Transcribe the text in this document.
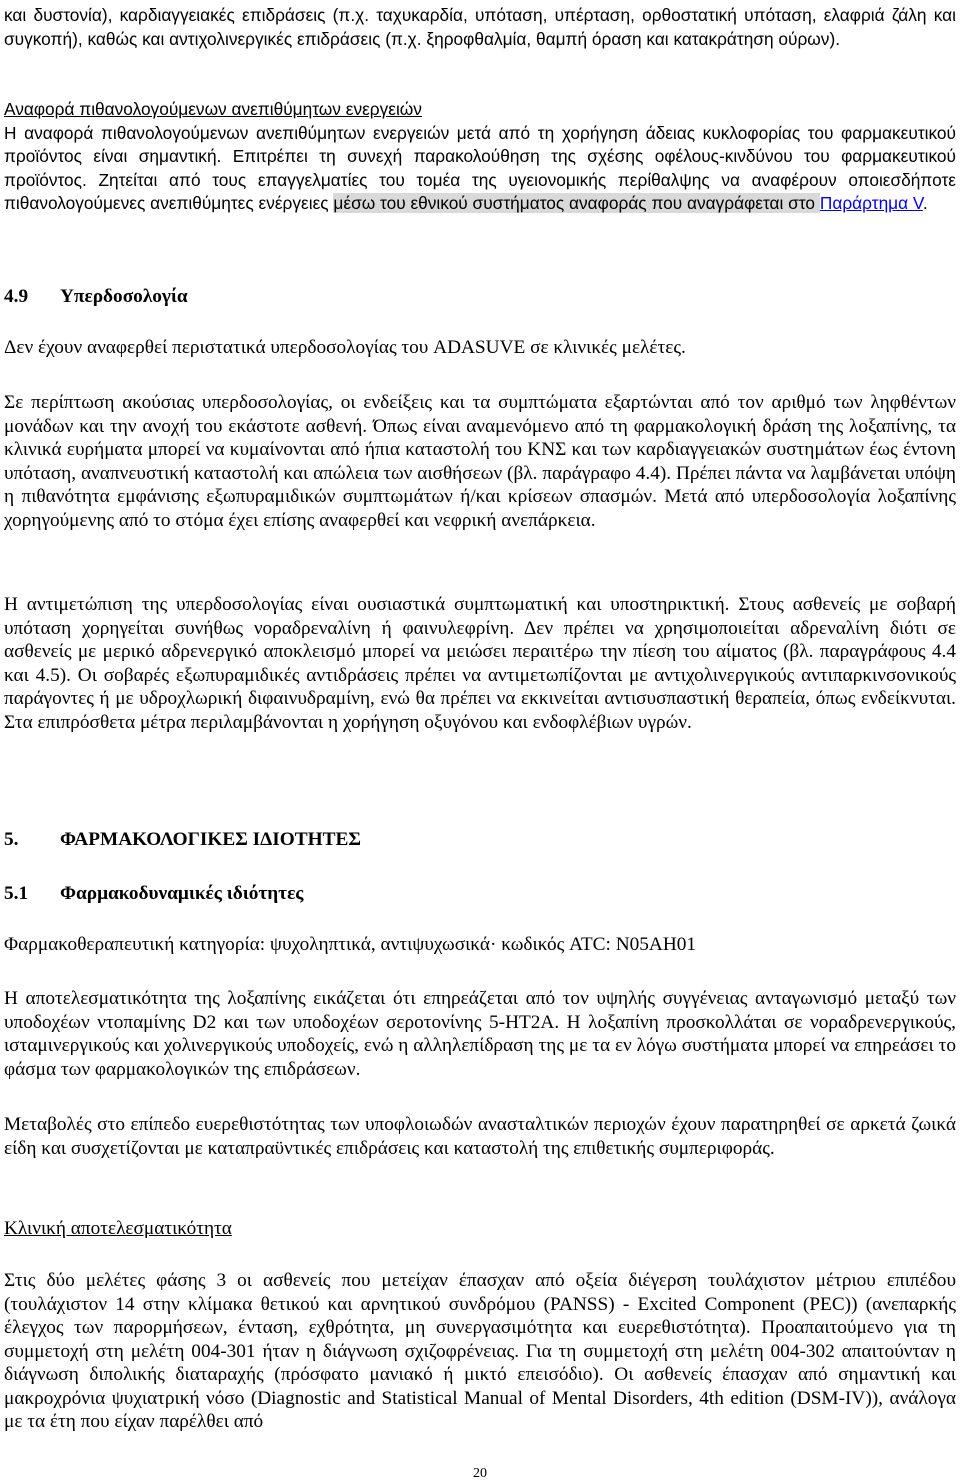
και δυστονία), καρδιαγγειακές επιδράσεις (π.χ. ταχυκαρδία, υπόταση, υπέρταση, ορθοστατική υπόταση, ελαφριά ζάλη και συγκοπή), καθώς και αντιχολινεργικές επιδράσεις (π.χ. ξηροφθαλμία, θαμπή όραση και κατακράτηση ούρων).

Αναφορά πιθανολογούμενων ανεπιθύμητων ενεργειών
Η αναφορά πιθανολογούμενων ανεπιθύμητων ενεργειών μετά από τη χορήγηση άδειας κυκλοφορίας του φαρμακευτικού προϊόντος είναι σημαντική. Επιτρέπει τη συνεχή παρακολούθηση της σχέσης οφέλους-κινδύνου του φαρμακευτικού προϊόντος. Ζητείται από τους επαγγελματίες του τομέα της υγειονομικής περίθαλψης να αναφέρουν οποιεσδήποτε πιθανολογούμενες ανεπιθύμητες ενέργειες μέσω του εθνικού συστήματος αναφοράς που αναγράφεται στο Παράρτημα V.
4.9 Υπερδοσολογία

Δεν έχουν αναφερθεί περιστατικά υπερδοσολογίας του ADASUVE σε κλινικές μελέτες.

Σε περίπτωση ακούσιας υπερδοσολογίας, οι ενδείξεις και τα συμπτώματα εξαρτώνται από τον αριθμό των ληφθέντων μονάδων και την ανοχή του εκάστοτε ασθενή. Όπως είναι αναμενόμενο από τη φαρμακολογική δράση της λοξαπίνης, τα κλινικά ευρήματα μπορεί να κυμαίνονται από ήπια καταστολή του ΚΝΣ και των καρδιαγγειακών συστημάτων έως έντονη υπόταση, αναπνευστική καταστολή και απώλεια των αισθήσεων (βλ. παράγραφο 4.4). Πρέπει πάντα να λαμβάνεται υπόψη η πιθανότητα εμφάνισης εξωπυραμιδικών συμπτωμάτων ή/και κρίσεων σπασμών. Μετά από υπερδοσολογία λοξαπίνης χορηγούμενης από το στόμα έχει επίσης αναφερθεί και νεφρική ανεπάρκεια.

Η αντιμετώπιση της υπερδοσολογίας είναι ουσιαστικά συμπτωματική και υποστηρικτική. Στους ασθενείς με σοβαρή υπόταση χορηγείται συνήθως νοραδρεναλίνη ή φαινυλεφρίνη. Δεν πρέπει να χρησιμοποιείται αδρεναλίνη διότι σε ασθενείς με μερικό αδρενεργικό αποκλεισμό μπορεί να μειώσει περαιτέρω την πίεση του αίματος (βλ. παραγράφους 4.4 και 4.5). Οι σοβαρές εξωπυραμιδικές αντιδράσεις πρέπει να αντιμετωπίζονται με αντιχολινεργικούς αντιπαρκινσονικούς παράγοντες ή με υδροχλωρική διφαινυδραμίνη, ενώ θα πρέπει να εκκινείται αντισυσπαστική θεραπεία, όπως ενδείκνυται. Στα επιπρόσθετα μέτρα περιλαμβάνονται η χορήγηση οξυγόνου και ενδοφλέβιων υγρών.

5. ΦΑΡΜΑΚΟΛΟΓΙΚΕΣ ΙΔΙΟΤΗΤΕΣ
5.1 Φαρμακοδυναμικές ιδιότητες

Φαρμακοθεραπευτική κατηγορία: ψυχοληπτικά, αντιψυχωσικά· κωδικός ATC: N05AH01

Η αποτελεσματικότητα της λοξαπίνης εικάζεται ότι επηρεάζεται από τον υψηλής συγγένειας ανταγωνισμό μεταξύ των υποδοχέων ντοπαμίνης D2 και των υποδοχέων σεροτονίνης 5-HT2A. Η λοξαπίνη προσκολλάται σε νοραδρενεργικούς, ισταμινεργικούς και χολινεργικούς υποδοχείς, ενώ η αλληλεπίδραση της με τα εν λόγω συστήματα μπορεί να επηρεάσει το φάσμα των φαρμακολογικών της επιδράσεων.

Μεταβολές στο επίπεδο ευερεθιστότητας των υποφλοιωδών ανασταλτικών περιοχών έχουν παρατηρηθεί σε αρκετά ζωικά είδη και συσχετίζονται με καταπραϋντικές επιδράσεις και καταστολή της επιθετικής συμπεριφοράς.

Κλινική αποτελεσματικότητα

Στις δύο μελέτες φάσης 3 οι ασθενείς που μετείχαν έπασχαν από οξεία διέγερση τουλάχιστον μέτριου επιπέδου (τουλάχιστον 14 στην κλίμακα θετικού και αρνητικού συνδρόμου (PANSS) - Excited Component (PEC)) (ανεπαρκής έλεγχος των παρορμήσεων, ένταση, εχθρότητα, μη συνεργασιμότητα και ευερεθιστότητα). Προαπαιτούμενο για τη συμμετοχή στη μελέτη 004-301 ήταν η διάγνωση σχιζοφρένειας. Για τη συμμετοχή στη μελέτη 004-302 απαιτούνταν η διάγνωση διπολικής διαταραχής (πρόσφατο μανιακό ή μικτό επεισόδιο). Οι ασθενείς έπασχαν από σημαντική και μακροχρόνια ψυχιατρική νόσο (Diagnostic and Statistical Manual of Mental Disorders, 4th edition (DSM-IV)), ανάλογα με τα έτη που είχαν παρέλθει από

20
